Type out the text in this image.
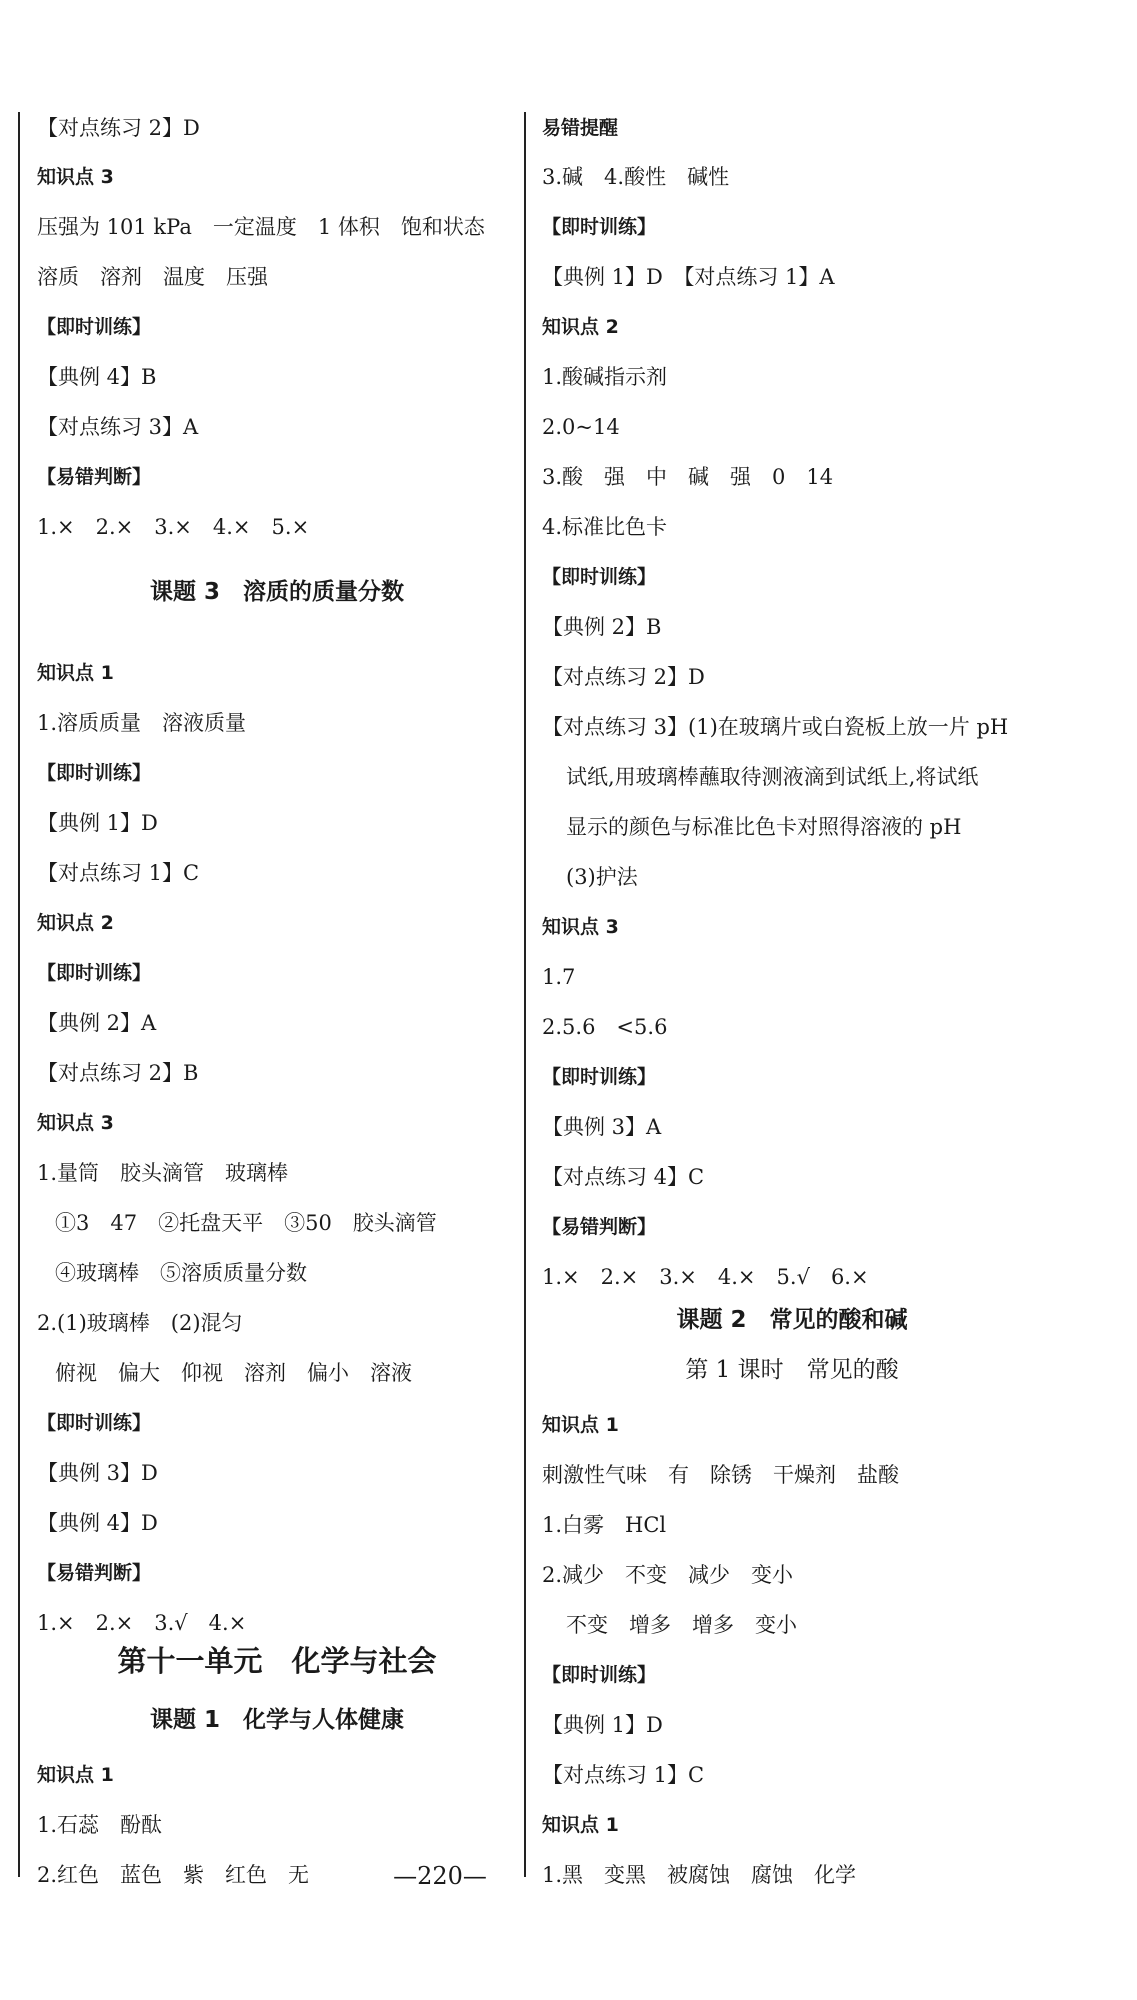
【对点练习 2】D
知识点 3
压强为 101 kPa　一定温度　1 体积　饱和状态
溶质　溶剂　温度　压强
【即时训练】
【典例 4】B
【对点练习 3】A
【易错判断】
1.×　2.×　3.×　4.×　5.×
课题 3　溶质的质量分数
知识点 1
1.溶质质量　溶液质量
【即时训练】
【典例 1】D
【对点练习 1】C
知识点 2
【即时训练】
【典例 2】A
【对点练习 2】B
知识点 3
1.量筒　胶头滴管　玻璃棒
①3　47　②托盘天平　③50　胶头滴管
④玻璃棒　⑤溶质质量分数
2.(1)玻璃棒　(2)混匀
俯视　偏大　仰视　溶剂　偏小　溶液
【即时训练】
【典例 3】D
【典例 4】D
【易错判断】
1.×　2.×　3.√　4.×
第十一单元　化学与社会
课题 1　化学与人体健康
知识点 1
1.石蕊　酚酞
2.红色　蓝色　紫　红色　无
易错提醒
3.碱　4.酸性　碱性
【即时训练】
【典例 1】D　【对点练习 1】A
知识点 2
1.酸碱指示剂
2.0~14
3.酸　强　中　碱　强　0　14
4.标准比色卡
【即时训练】
【典例 2】B
【对点练习 2】D
【对点练习 3】(1)在玻璃片或白瓷板上放一片 pH
试纸,用玻璃棒蘸取待测液滴到试纸上,将试纸
显示的颜色与标准比色卡对照得溶液的 pH
(3)护法
知识点 3
1.7
2.5.6　<5.6
【即时训练】
【典例 3】A
【对点练习 4】C
【易错判断】
1.×　2.×　3.×　4.×　5.√　6.×
课题 2　常见的酸和碱
第 1 课时　常见的酸
知识点 1
刺激性气味　有　除锈　干燥剂　盐酸
1.白雾　HCl
2.减少　不变　减少　变小
不变　增多　增多　变小
【即时训练】
【典例 1】D
【对点练习 1】C
知识点 1
1.黑　变黑　被腐蚀　腐蚀　化学
—220—
